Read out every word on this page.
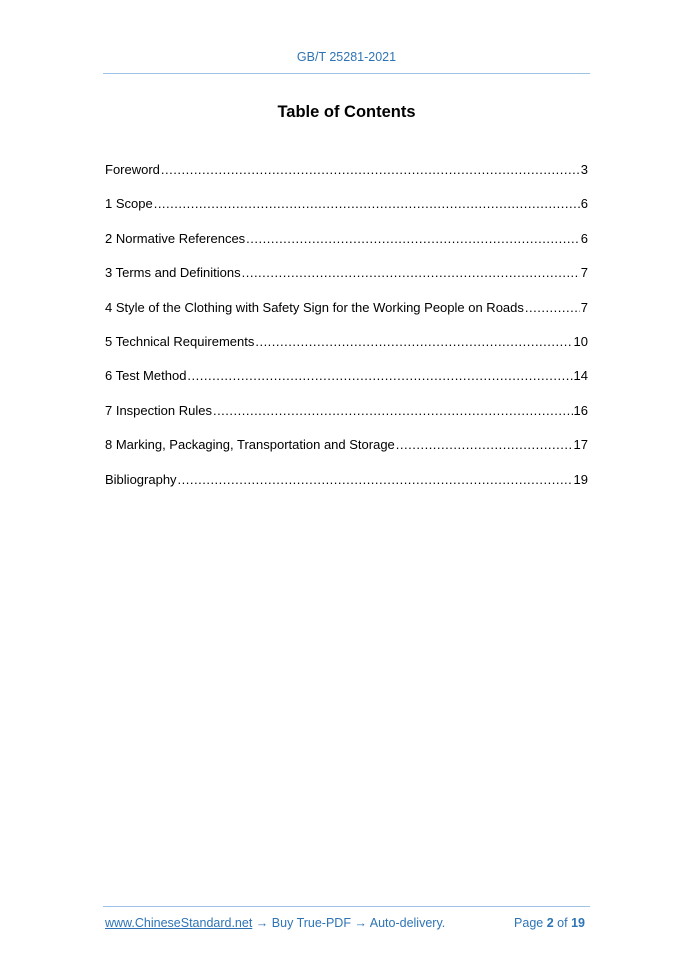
GB/T 25281-2021
Table of Contents
Foreword .....	3
1 Scope .....	6
2 Normative References .....	6
3 Terms and Definitions .....	7
4 Style of the Clothing with Safety Sign for the Working People on Roads .....	7
5 Technical Requirements .....	10
6 Test Method .....	14
7 Inspection Rules .....	16
8 Marking, Packaging, Transportation and Storage .....	17
Bibliography .....	19
www.ChineseStandard.net → Buy True-PDF → Auto-delivery.	Page 2 of 19
